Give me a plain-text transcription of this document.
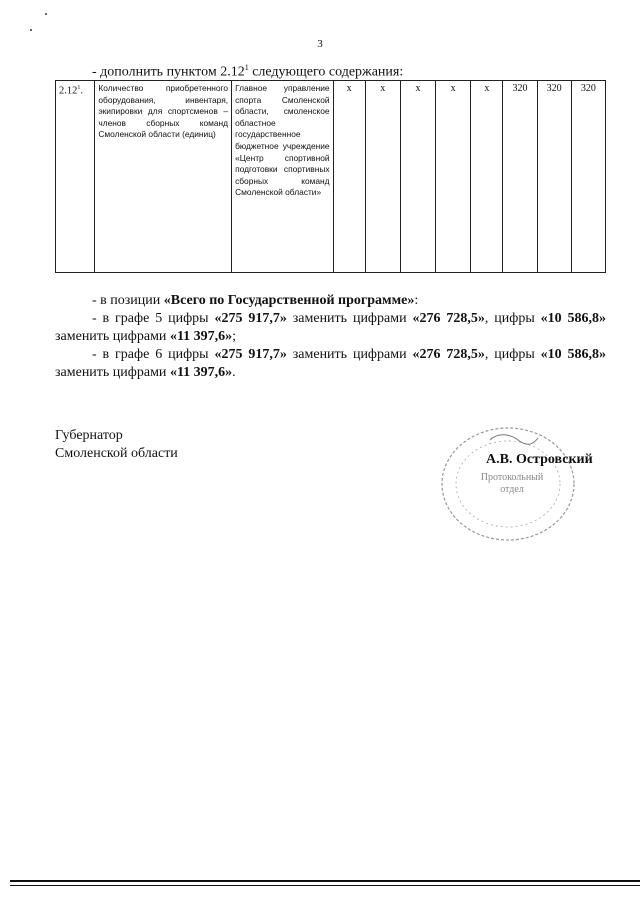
3
- дополнить пунктом 2.12$^1$ следующего содержания:
2.12$^1$.	Количество приобретенного оборудования, инвентаря, экипировки для спортсменов – членов сборных команд Смоленской области (единиц)	Главное управление спорта Смоленской области, смоленское областное государственное бюджетное учреждение «Центр спортивной подготовки спортивных сборных команд Смоленской области»	х	х	х	х	х	320	320	320
- в позиции «Всего по Государственной программе»:
- в графе 5 цифры «275 917,7» заменить цифрами «276 728,5», цифры «10 586,8» заменить цифрами «11 397,6»;
- в графе 6 цифры «275 917,7» заменить цифрами «276 728,5», цифры «10 586,8» заменить цифрами «11 397,6».
Губернатор
Смоленской области
Протокольный
отдел
А.В. Островский
